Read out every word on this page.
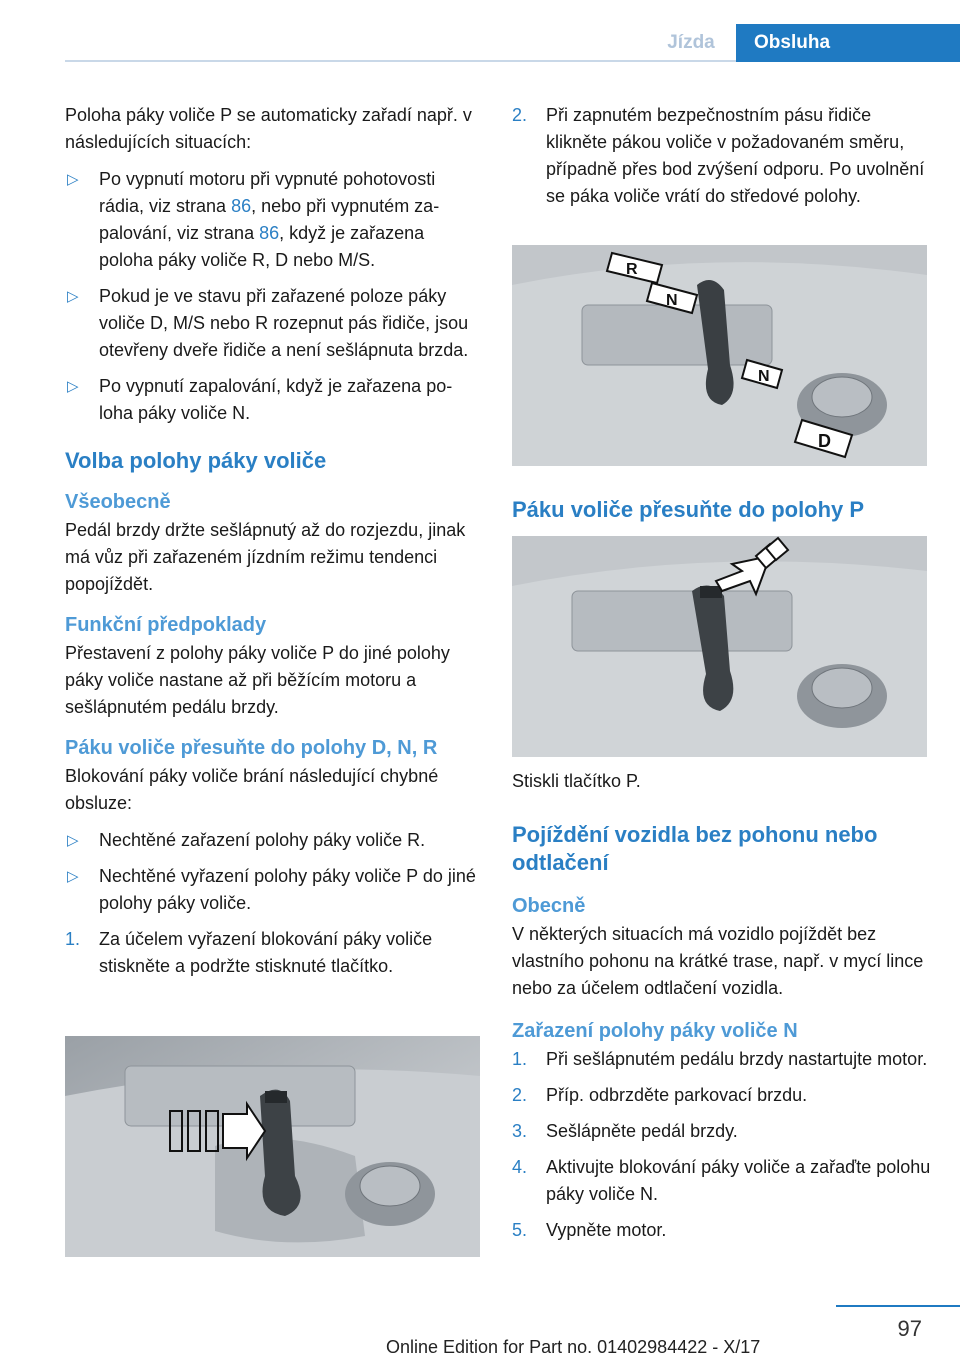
Jízda	Obsluha

Poloha páky voliče P se automaticky zařadí např. v následujících situacích:

▷ Po vypnutí motoru při vypnuté pohotovosti rádia, viz strana 86, nebo při vypnutém zapalování, viz strana 86, když je zařazena poloha páky voliče R, D nebo M/S.
▷ Pokud je ve stavu při zařazené poloze páky voliče D, M/S nebo R rozepnut pás řidiče, jsou otevřeny dveře řidiče a není sešlápnuta brzda.
▷ Po vypnutí zapalování, když je zařazena poloha páky voliče N.
Volba polohy páky voliče
Všeobecně

Pedál brzdy držte sešlápnutý až do rozjezdu, jinak má vůz při zařazeném jízdním režimu tendenci popojíždět.

Funkční předpoklady

Přestavení z polohy páky voliče P do jiné polohy páky voliče nastane až při běžícím motoru a sešlápnutém pedálu brzdy.

Páku voliče přesuňte do polohy D, N, R

Blokování páky voliče brání následující chybné obsluze:

▷ Nechtěné zařazení polohy páky voliče R.
▷ Nechtěné vyřazení polohy páky voliče P do jiné polohy páky voliče.
1. Za účelem vyřazení blokování páky voliče stiskněte a podržte stisknuté tlačítko.
2. Při zapnutém bezpečnostním pásu řidiče klikněte pákou voliče v požadovaném směru, případně přes bod zvýšení odporu. Po uvolnění se páka voliče vrátí do středové polohy.
R
N
N
D
Páku voliče přesuňte do polohy P

Stiskli tlačítko P.

Pojíždění vozidla bez pohonu nebo odtlačení
Obecně

V některých situacích má vozidlo pojíždět bez vlastního pohonu na krátké trase, např. v mycí lince nebo za účelem odtlačení vozidla.

Zařazení polohy páky voliče N
1. Při sešlápnutém pedálu brzdy nastartujte motor.
2. Příp. odbrzděte parkovací brzdu.
3. Sešlápněte pedál brzdy.
4. Aktivujte blokování páky voliče a zařaďte polohu páky voliče N.
5. Vypněte motor.
97
Online Edition for Part no. 01402984422 - X/17
